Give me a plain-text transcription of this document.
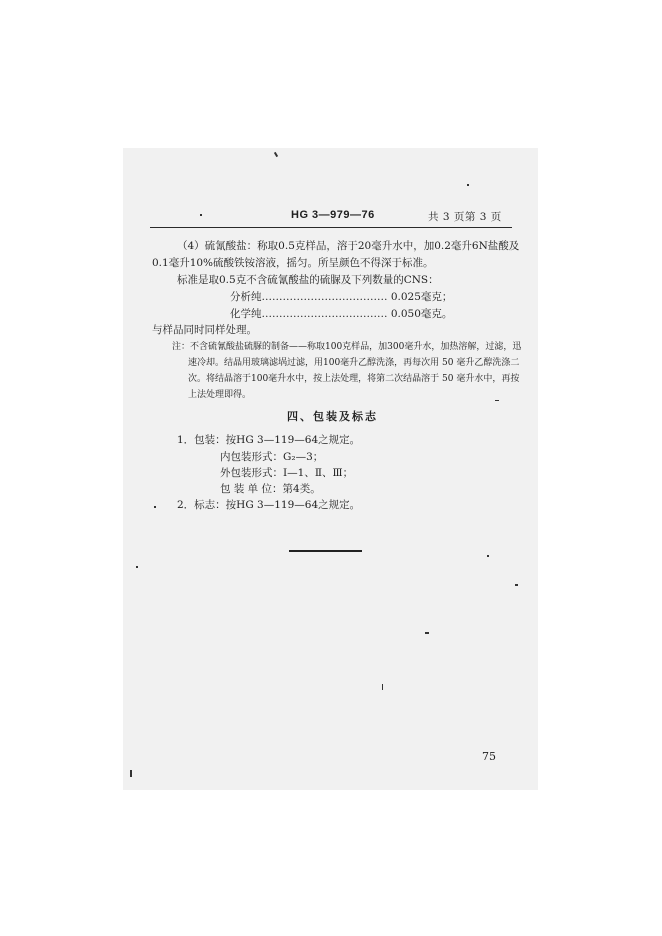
HG 3—979—76	共 3 页第 3 页
（4）硫氰酸盐：称取0.5克样品，溶于20毫升水中，加0.2毫升6N盐酸及
0.1毫升10%硫酸铁铵溶液，摇匀。所呈颜色不得深于标准。
标准是取0.5克不含硫氰酸盐的硫脲及下列数量的CNS：
分析纯……………………………… 0.025毫克；
化学纯……………………………… 0.050毫克。
与样品同时同样处理。
注：不含硫氰酸盐硫脲的制备——称取100克样品，加300毫升水，加热溶解，过滤，迅
速冷却。结晶用玻璃滤埚过滤，用100毫升乙醇洗涤，再每次用 50 毫升乙醇洗涤二
次。将结晶溶于100毫升水中，按上法处理，将第二次结晶溶于 50 毫升水中，再按
上法处理即得。
四、包装及标志
1．包装：按HG 3—119—64之规定。
内包装形式：G₂—3；
外包装形式：Ⅰ—1、Ⅱ、Ⅲ；
包 装 单 位：第4类。
2．标志：按HG 3—119—64之规定。
75
